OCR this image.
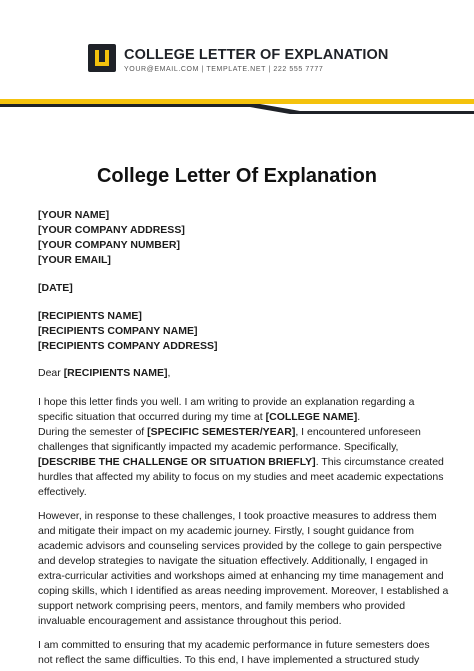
COLLEGE LETTER OF EXPLANATION
YOUR@EMAIL.COM | TEMPLATE.NET | 222 555 7777
College Letter Of Explanation
[YOUR NAME]
[YOUR COMPANY ADDRESS]
[YOUR COMPANY NUMBER]
[YOUR EMAIL]
[DATE]
[RECIPIENTS NAME]
[RECIPIENTS COMPANY NAME]
[RECIPIENTS COMPANY ADDRESS]
Dear [RECIPIENTS NAME],
I hope this letter finds you well. I am writing to provide an explanation regarding a
specific situation that occurred during my time at [COLLEGE NAME].
During the semester of [SPECIFIC SEMESTER/YEAR], I encountered unforeseen
challenges that significantly impacted my academic performance. Specifically,
[DESCRIBE THE CHALLENGE OR SITUATION BRIEFLY]. This circumstance created
hurdles that affected my ability to focus on my studies and meet academic expectations
effectively.
However, in response to these challenges, I took proactive measures to address them
and mitigate their impact on my academic journey. Firstly, I sought guidance from
academic advisors and counseling services provided by the college to gain perspective
and develop strategies to navigate the situation effectively. Additionally, I engaged in
extra-curricular activities and workshops aimed at enhancing my time management and
coping skills, which I identified as areas needing improvement. Moreover, I established a
support network comprising peers, mentors, and family members who provided
invaluable encouragement and assistance throughout this period.
I am committed to ensuring that my academic performance in future semesters does
not reflect the same difficulties. To this end, I have implemented a structured study
